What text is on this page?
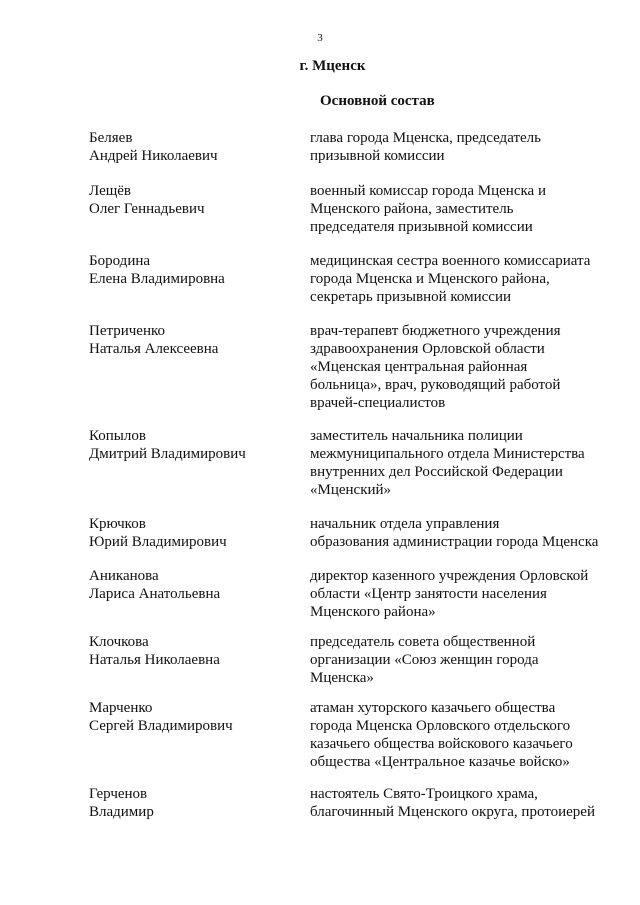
3
г. Мценск
Основной состав
Беляев
Андрей Николаевич
глава города Мценска, председатель
призывной комиссии
Лещёв
Олег Геннадьевич
военный комиссар города Мценска и
Мценского района, заместитель
председателя призывной комиссии
Бородина
Елена Владимировна
медицинская сестра военного комиссариата
города Мценска и Мценского района,
секретарь призывной комиссии
Петриченко
Наталья Алексеевна
врач-терапевт бюджетного учреждения
здравоохранения Орловской области
«Мценская центральная районная
больница», врач, руководящий работой
врачей-специалистов
Копылов
Дмитрий Владимирович
заместитель начальника полиции
межмуниципального отдела Министерства
внутренних дел Российской Федерации
«Мценский»
Крючков
Юрий Владимирович
начальник отдела управления
образования администрации города Мценска
Аниканова
Лариса Анатольевна
директор казенного учреждения Орловской
области «Центр занятости населения
Мценского района»
Клочкова
Наталья Николаевна
председатель совета общественной
организации «Союз женщин города
Мценска»
Марченко
Сергей Владимирович
атаман хуторского казачьего общества
города Мценска Орловского отдельского
казачьего общества войскового казачьего
общества «Центральное казачье войско»
Герченов
Владимир
настоятель Свято-Троицкого храма,
благочинный Мценского округа, протоиерей
